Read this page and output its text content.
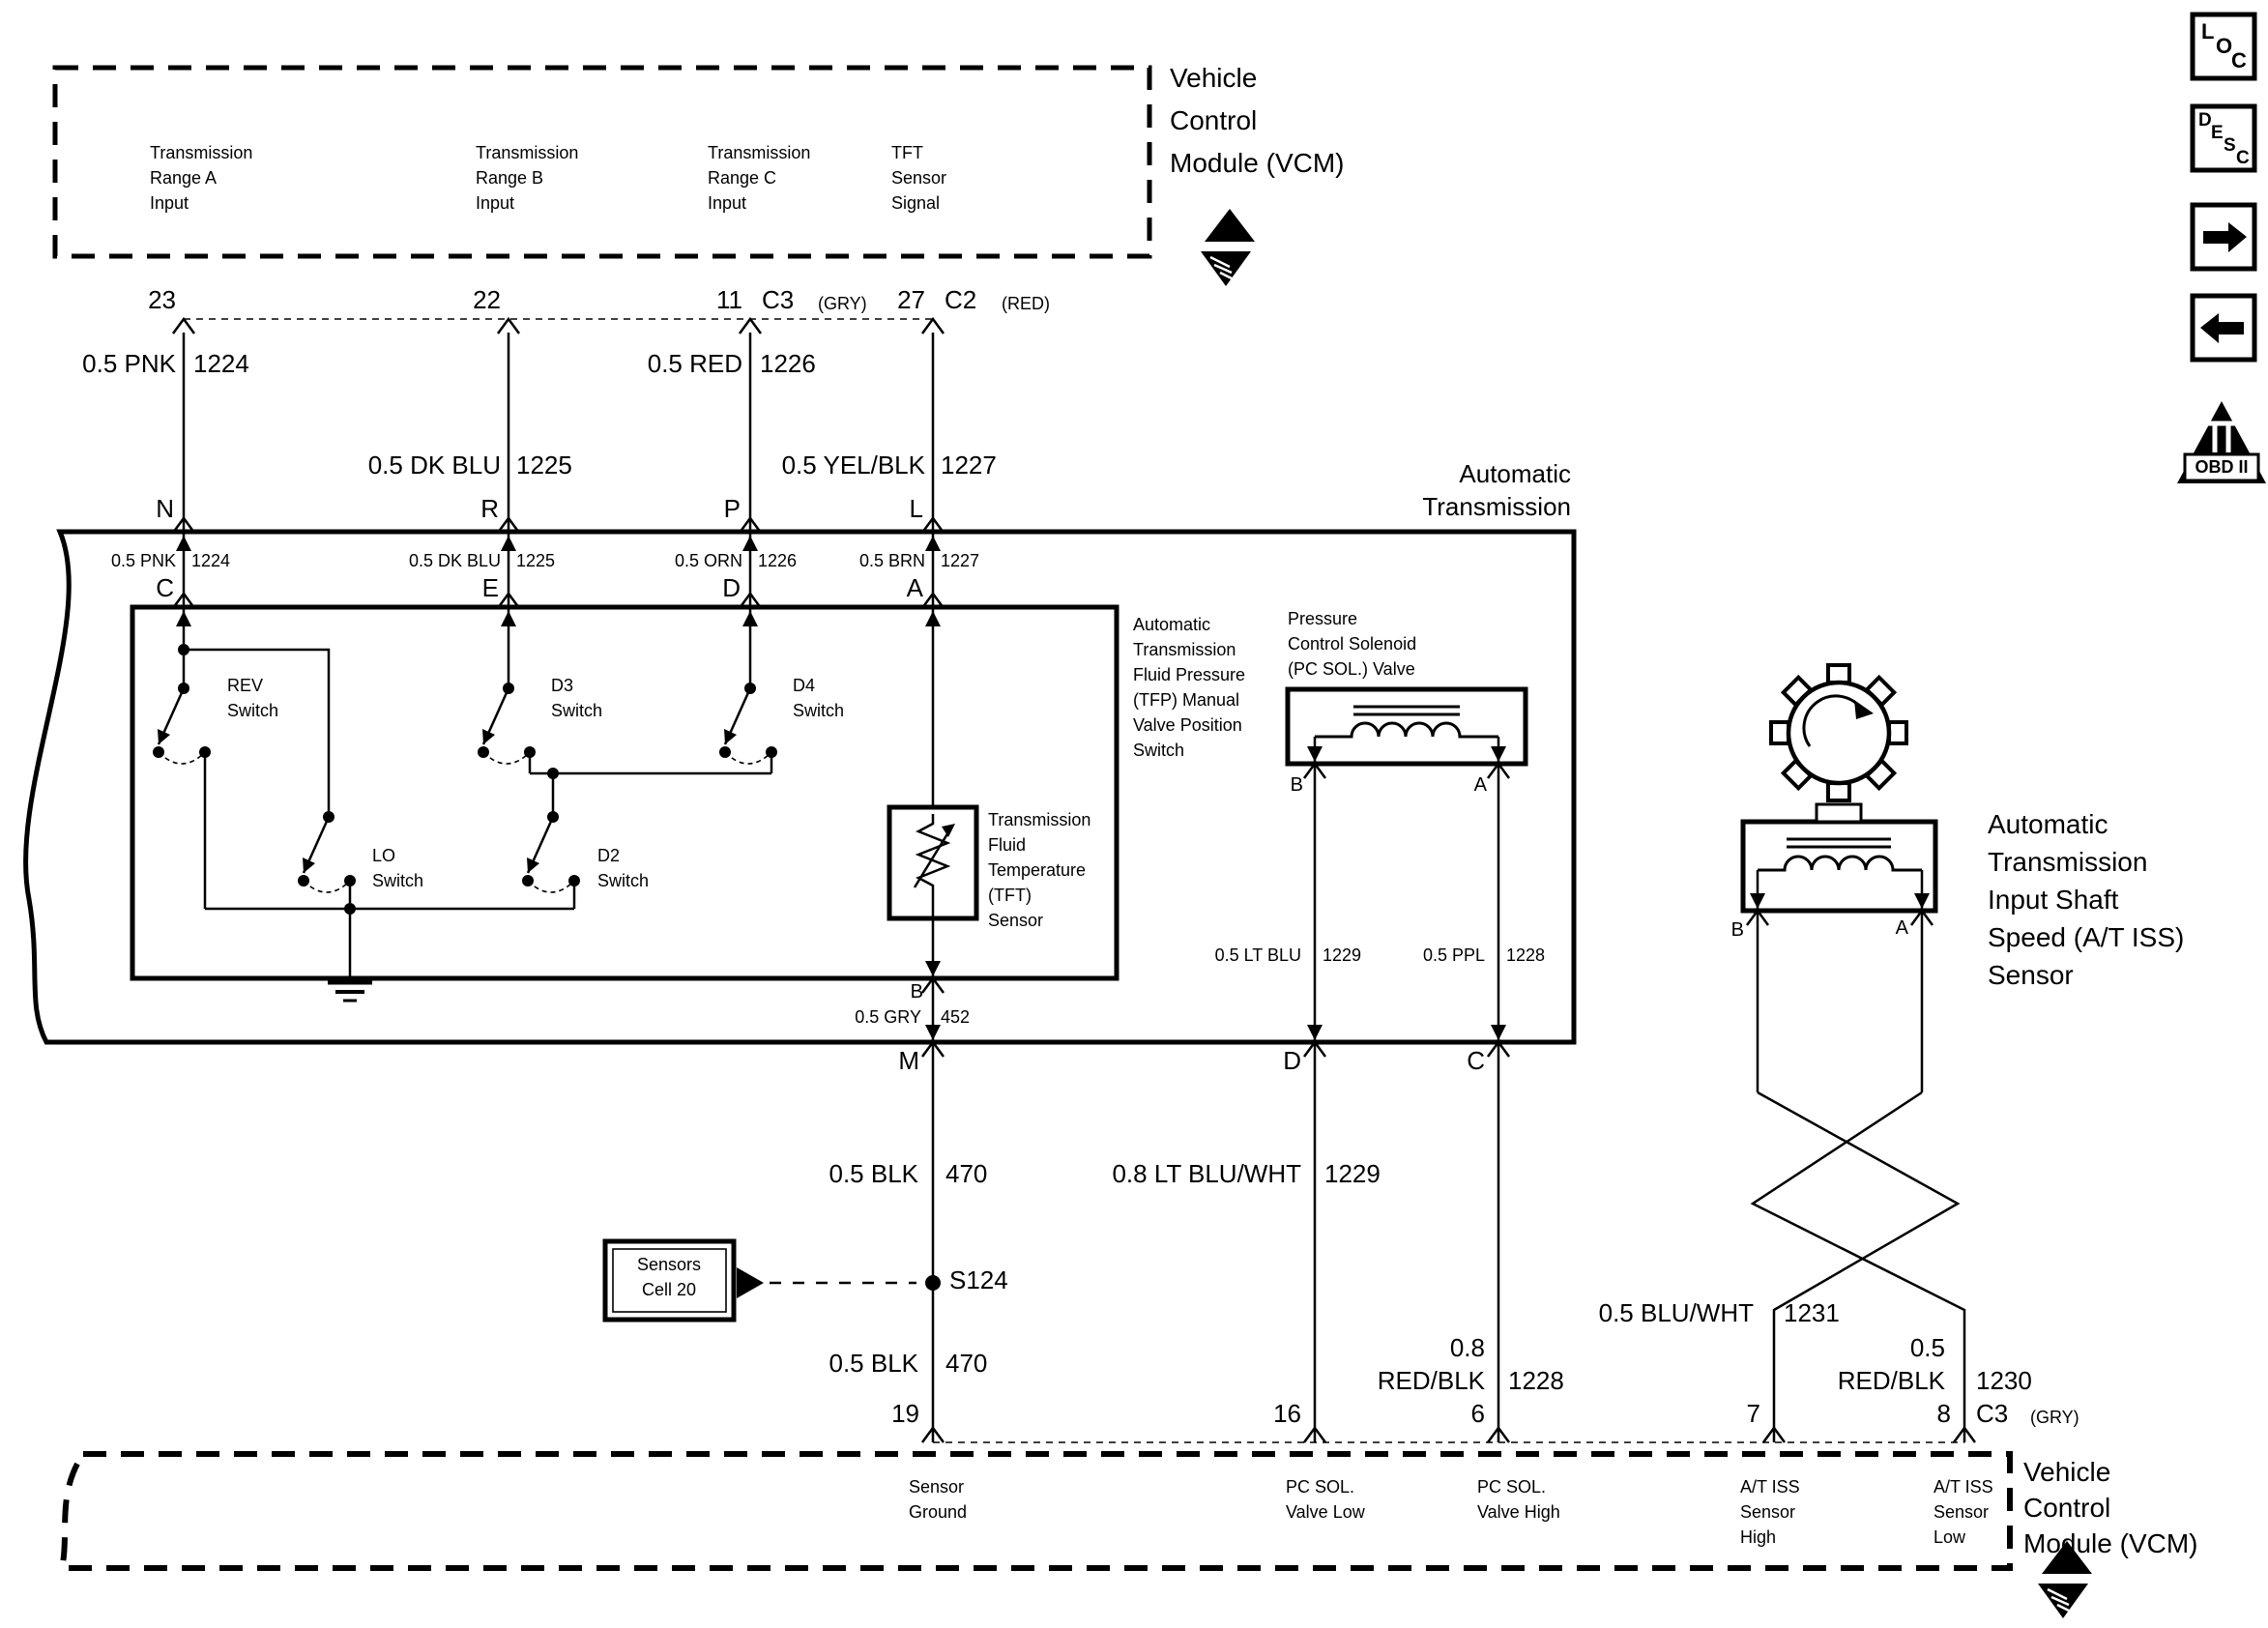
Vehicle
Control
Module (VCM)
Transmission
Range A
Input
Transmission
Range B
Input
Transmission
Range C
Input
TFT
Sensor
Signal
23	22	11 C3 (GRY) 27 C2 (RED)
0.5 PNK 1224	0.5 RED 1226
0.5 DK BLU 1225	0.5 YEL/BLK 1227	Automatic
Transmission
N	R	P	L
0.5 PNK 1224	0.5 DK BLU 1225	0.5 ORN 1226	0.5 BRN 1227
C	E	D	A
REV
Switch
D3
Switch
D4
Switch
LO
Switch
D2
Switch
Transmission
Fluid
Temperature
(TFT)
Sensor
Automatic
Transmission
Fluid Pressure
(TFP) Manual
Valve Position
Switch
Pressure
Control Solenoid
(PC SOL.) Valve
B	A
0.5 LT BLU 1229	0.5 PPL 1228
B
0.5 GRY 452
M	D	C
0.5 BLK 470	0.8 LT BLU/WHT 1229
Sensors
Cell 20	S124
0.5 BLK 470
B	A
Automatic
Transmission
Input Shaft
Speed (A/T ISS)
Sensor
0.5 BLU/WHT 1231
0.8
RED/BLK 1228
0.5
RED/BLK 1230
19	16	6	7	8 C3 (GRY)
Sensor
Ground
PC SOL.
Valve Low
PC SOL.
Valve High
A/T ISS
Sensor
High
A/T ISS
Sensor
Low
Vehicle
Control
Module (VCM)
L
O
C
D
E
S
C
OBD II
